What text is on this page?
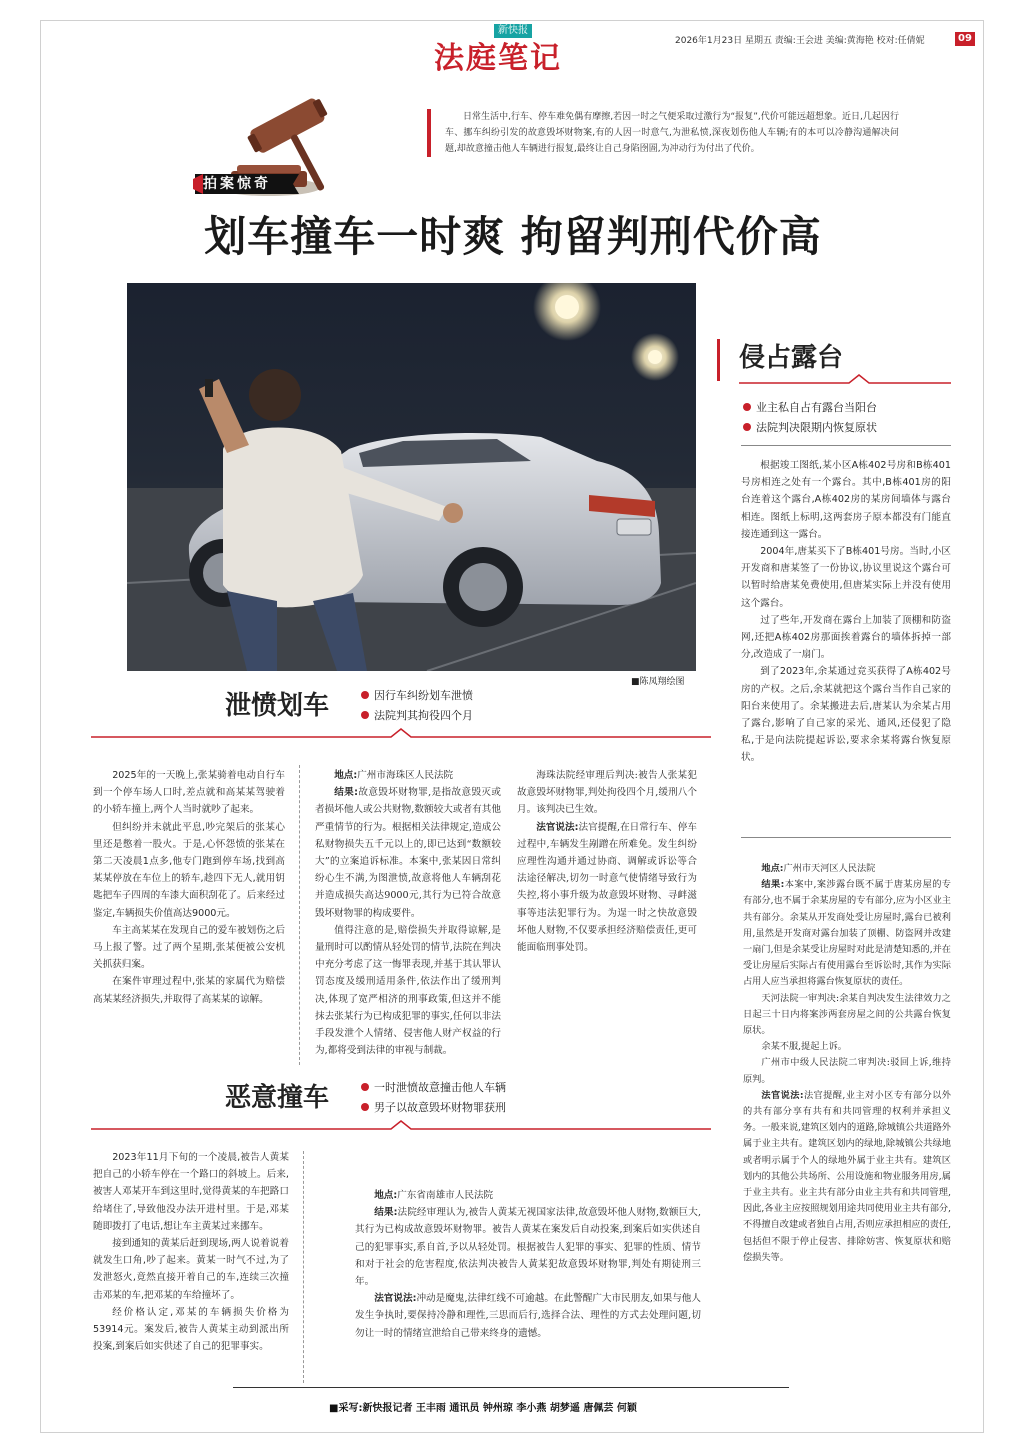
新快报
法庭笔记	2026年1月23日 星期五 责编:王会进 美编:黄海艳 校对:任倩妮	09
拍案惊奇
日常生活中,行车、停车难免偶有摩擦,若因一时之气便采取过激行为“报复”,代价可能远超想象。近日,几起因行车、挪车纠纷引发的故意毁坏财物案,有的人因一时意气,为泄私愤,深夜划伤他人车辆;有的本可以冷静沟通解决问题,却故意撞击他人车辆进行报复,最终让自己身陷囹圄,为冲动行为付出了代价。
划车撞车一时爽 拘留判刑代价高
■陈凤翔绘图
泄愤划车	因行车纠纷划车泄愤
法院判其拘役四个月

2025年的一天晚上,张某骑着电动自行车到一个停车场人口时,差点就和高某某驾驶着的小轿车撞上,两个人当时就吵了起来。

但纠纷并未就此平息,吵完架后的张某心里还是憋着一股火。于是,心怀怨愤的张某在第二天凌晨1点多,他专门跑到停车场,找到高某某停放在车位上的轿车,趁四下无人,就用钥匙把车子四周的车漆大面积刮花了。后来经过鉴定,车辆损失价值高达9000元。

车主高某某在发现自己的爱车被划伤之后马上报了警。过了两个星期,张某便被公安机关抓获归案。

在案件审理过程中,张某的家属代为赔偿高某某经济损失,并取得了高某某的谅解。

地点:广州市海珠区人民法院

结果:故意毁坏财物罪,是指故意毁灭或者损坏他人或公共财物,数额较大或者有其他严重情节的行为。根据相关法律规定,造成公私财物损失五千元以上的,即已达到“数额较大”的立案追诉标准。本案中,张某因日常纠纷心生不满,为图泄愤,故意将他人车辆刮花并造成损失高达9000元,其行为已符合故意毁坏财物罪的构成要件。

值得注意的是,赔偿损失并取得谅解,是量刑时可以酌情从轻处罚的情节,法院在判决中充分考虑了这一悔罪表现,并基于其认罪认罚态度及缓刑适用条件,依法作出了缓刑判决,体现了宽严相济的刑事政策,但这并不能抹去张某行为已构成犯罪的事实,任何以非法手段发泄个人情绪、侵害他人财产权益的行为,都将受到法律的审视与制裁。

海珠法院经审理后判决:被告人张某犯故意毁坏财物罪,判处拘役四个月,缓刑八个月。该判决已生效。

法官说法:法官提醒,在日常行车、停车过程中,车辆发生剐蹭在所难免。发生纠纷应理性沟通并通过协商、调解或诉讼等合法途径解决,切勿一时意气使情绪导致行为失控,将小事升级为故意毁坏财物、寻衅滋事等违法犯罪行为。为逞一时之快故意毁坏他人财物,不仅要承担经济赔偿责任,更可能面临刑事处罚。

恶意撞车	一时泄愤故意撞击他人车辆
男子以故意毁坏财物罪获刑

2023年11月下旬的一个凌晨,被告人黄某把自己的小轿车停在一个路口的斜坡上。后来,被害人邓某开车到这里时,觉得黄某的车把路口给堵住了,导致他没办法开进村里。于是,邓某随即拨打了电话,想让车主黄某过来挪车。

接到通知的黄某后赶到现场,两人说着说着就发生口角,吵了起来。黄某一时气不过,为了发泄怒火,竟然直接开着自己的车,连续三次撞击邓某的车,把邓某的车给撞坏了。

经价格认定,邓某的车辆损失价格为53914元。案发后,被告人黄某主动到派出所投案,到案后如实供述了自己的犯罪事实。

地点:广东省南雄市人民法院

结果:法院经审理认为,被告人黄某无视国家法律,故意毁坏他人财物,数额巨大,其行为已构成故意毁坏财物罪。被告人黄某在案发后自动投案,到案后如实供述自己的犯罪事实,系自首,予以从轻处罚。根据被告人犯罪的事实、犯罪的性质、情节和对于社会的危害程度,依法判决被告人黄某犯故意毁坏财物罪,判处有期徒刑三年。

法官说法:冲动是魔鬼,法律红线不可逾越。在此警醒广大市民朋友,如果与他人发生争执时,要保持冷静和理性,三思而后行,选择合法、理性的方式去处理问题,切勿让一时的情绪宣泄给自己带来终身的遗憾。

侵占露台
业主私自占有露台当阳台
法院判决限期内恢复原状

根据竣工图纸,某小区A栋402号房和B栋401号房相连之处有一个露台。其中,B栋401房的阳台连着这个露台,A栋402房的某房间墙体与露台相连。图纸上标明,这两套房子原本都没有门能直接连通到这一露台。

2004年,唐某买下了B栋401号房。当时,小区开发商和唐某签了一份协议,协议里说这个露台可以暂时给唐某免费使用,但唐某实际上并没有使用这个露台。

过了些年,开发商在露台上加装了顶棚和防盗网,还把A栋402房那面挨着露台的墙体拆掉一部分,改造成了一扇门。

到了2023年,余某通过竞买获得了A栋402号房的产权。之后,余某就把这个露台当作自己家的阳台来使用了。余某搬进去后,唐某认为余某占用了露台,影响了自己家的采光、通风,还侵犯了隐私,于是向法院提起诉讼,要求余某将露台恢复原状。

地点:广州市天河区人民法院

结果:本案中,案涉露台既不属于唐某房屋的专有部分,也不属于余某房屋的专有部分,应为小区业主共有部分。余某从开发商处受让房屋时,露台已被利用,虽然是开发商对露台加装了顶棚、防盗网并改建一扇门,但是余某受让房屋时对此是清楚知悉的,并在受让房屋后实际占有使用露台至诉讼时,其作为实际占用人应当承担将露台恢复原状的责任。

天河法院一审判决:余某自判决发生法律效力之日起三十日内将案涉两套房屋之间的公共露台恢复原状。

余某不服,提起上诉。

广州市中级人民法院二审判决:驳回上诉,维持原判。

法官说法:法官提醒,业主对小区专有部分以外的共有部分享有共有和共同管理的权利并承担义务。一般来说,建筑区划内的道路,除城镇公共道路外属于业主共有。建筑区划内的绿地,除城镇公共绿地或者明示属于个人的绿地外属于业主共有。建筑区划内的其他公共场所、公用设施和物业服务用房,属于业主共有。业主共有部分由业主共有和共同管理,因此,各业主应按照规划用途共同使用业主共有部分,不得擅自改建或者独自占用,否则应承担相应的责任,包括但不限于停止侵害、排除妨害、恢复原状和赔偿损失等。

■采写:新快报记者 王丰雨 通讯员 钟州琼 李小燕 胡梦遥 唐佩芸 何颖
